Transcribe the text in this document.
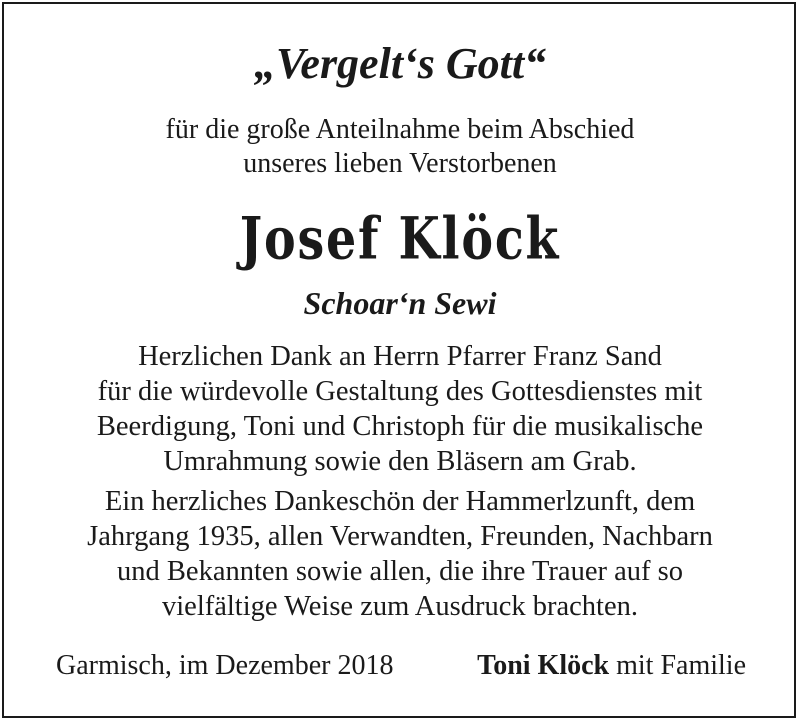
„Vergelt‘s Gott“
für die große Anteilnahme beim Abschied
unseres lieben Verstorbenen
Josef Klöck
Schoar‘n Sewi
Herzlichen Dank an Herrn Pfarrer Franz Sand
für die würdevolle Gestaltung des Gottesdienstes mit
Beerdigung, Toni und Christoph für die musikalische
Umrahmung sowie den Bläsern am Grab.
Ein herzliches Dankeschön der Hammerlzunft, dem
Jahrgang 1935, allen Verwandten, Freunden, Nachbarn
und Bekannten sowie allen, die ihre Trauer auf so
vielfältige Weise zum Ausdruck brachten.
Garmisch, im Dezember 2018	Toni Klöck mit Familie
